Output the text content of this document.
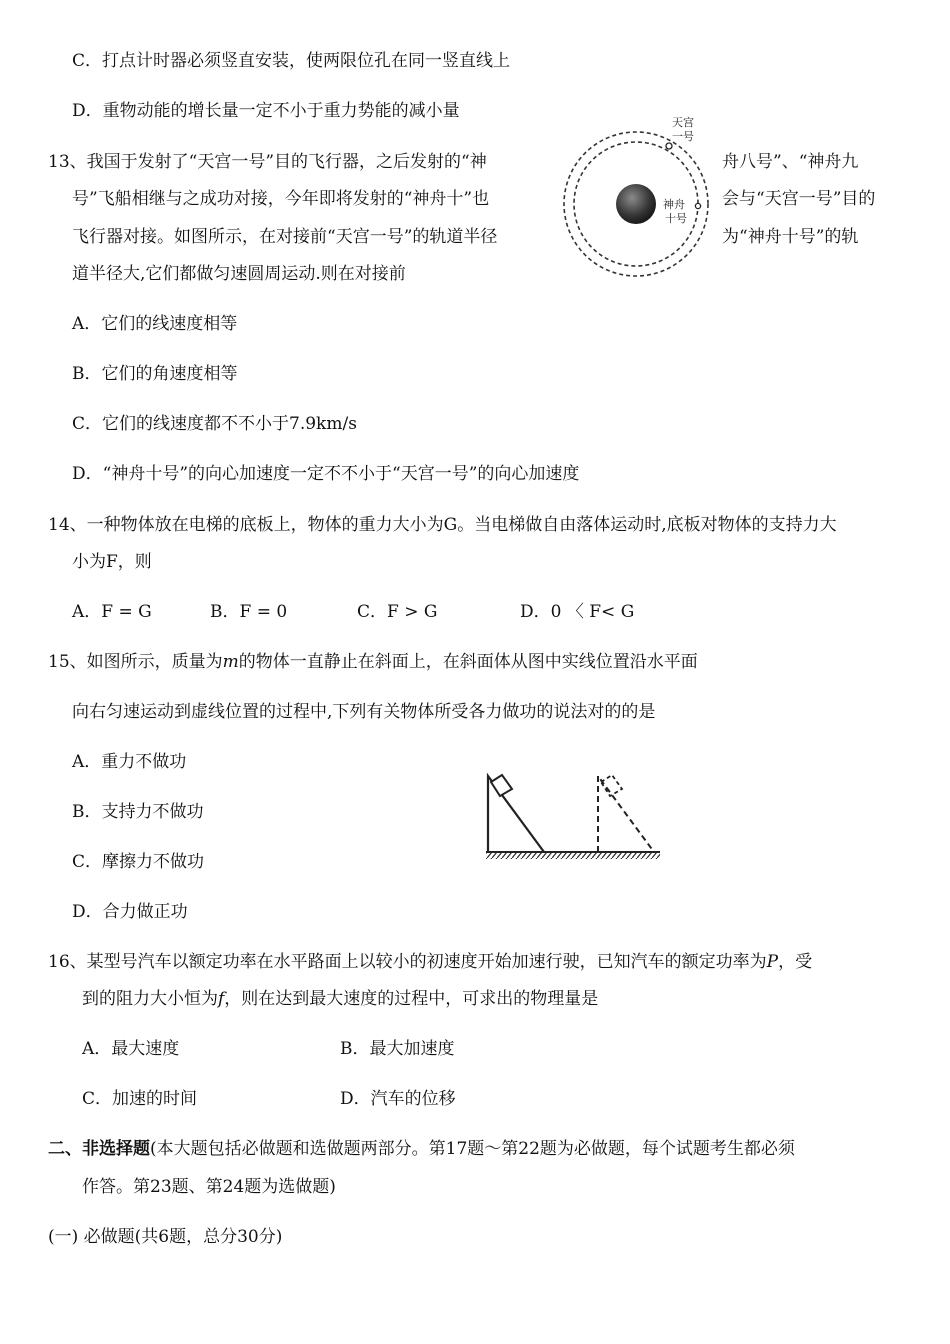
C．打点计时器必须竖直安装，使两限位孔在同一竖直线上
D．重物动能的增长量一定不小于重力势能的减小量
13、我国于发射了“天宫一号”目的飞行器，之后发射的“神	舟八号”、“神舟九
号”飞船相继与之成功对接，今年即将发射的“神舟十”也	会与“天宫一号”目的
飞行器对接。如图所示，在对接前“天宫一号”的轨道半径	为“神舟十号”的轨
道半径大,它们都做匀速圆周运动.则在对接前
天宫
一号
神舟
十号
A．它们的线速度相等
B．它们的角速度相等
C．它们的线速度都不不小于7.9km/s
D．“神舟十号”的向心加速度一定不不小于“天宫一号”的向心加速度
14、一种物体放在电梯的底板上，物体的重力大小为G。当电梯做自由落体运动时,底板对物体的支持力大
小为F，则
A．F = G	B．F = 0	C．F > G	D．0 〈 F< G
15、如图所示，质量为m的物体一直静止在斜面上，在斜面体从图中实线位置沿水平面
向右匀速运动到虚线位置的过程中,下列有关物体所受各力做功的说法对的的是
A．重力不做功
B．支持力不做功
C．摩擦力不做功
D．合力做正功
16、某型号汽车以额定功率在水平路面上以较小的初速度开始加速行驶，已知汽车的额定功率为P，受
到的阻力大小恒为f，则在达到最大速度的过程中，可求出的物理量是
A．最大速度	B．最大加速度
C．加速的时间	D．汽车的位移
二、非选择题(本大题包括必做题和选做题两部分。第17题～第22题为必做题，每个试题考生都必须
作答。第23题、第24题为选做题)
(一) 必做题(共6题，总分30分)
